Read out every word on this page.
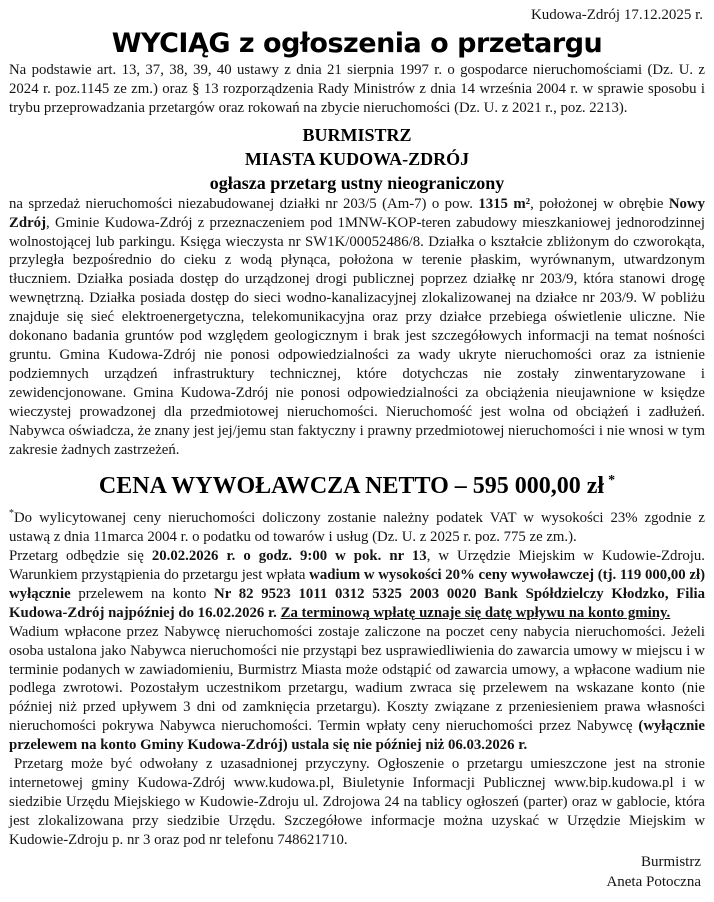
Kudowa-Zdrój 17.12.2025 r.
WYCIĄG z ogłoszenia o przetargu

Na podstawie art. 13, 37, 38, 39, 40 ustawy z dnia 21 sierpnia 1997 r. o gospodarce nieruchomościami (Dz. U. z 2024 r. poz.1145 ze zm.) oraz § 13 rozporządzenia Rady Ministrów z dnia 14 września 2004 r. w sprawie sposobu i trybu przeprowadzania przetargów oraz rokowań na zbycie nieruchomości (Dz. U. z 2021 r., poz. 2213).

BURMISTRZ
MIASTA KUDOWA-ZDRÓJ
ogłasza przetarg ustny nieograniczony

na sprzedaż nieruchomości niezabudowanej działki nr 203/5 (Am-7) o pow. 1315 m², położonej w obrębie Nowy Zdrój, Gminie Kudowa-Zdrój z przeznaczeniem pod 1MNW-KOP-teren zabudowy mieszkaniowej jednorodzinnej wolnostojącej lub parkingu. Księga wieczysta nr SW1K/00052486/8. Działka o kształcie zbliżonym do czworokąta, przyległa bezpośrednio do cieku z wodą płynąca, położona w terenie płaskim, wyrównanym, utwardzonym tłuczniem. Działka posiada dostęp do urządzonej drogi publicznej poprzez działkę nr 203/9, która stanowi drogę wewnętrzną. Działka posiada dostęp do sieci wodno-kanalizacyjnej zlokalizowanej na działce nr 203/9. W pobliżu znajduje się sieć elektroenergetyczna, telekomunikacyjna oraz przy działce przebiega oświetlenie uliczne. Nie dokonano badania gruntów pod względem geologicznym i brak jest szczegółowych informacji na temat nośności gruntu. Gmina Kudowa-Zdrój nie ponosi odpowiedzialności za wady ukryte nieruchomości oraz za istnienie podziemnych urządzeń infrastruktury technicznej, które dotychczas nie zostały zinwentaryzowane i zewidencjonowane. Gmina Kudowa-Zdrój nie ponosi odpowiedzialności za obciążenia nieujawnione w księdze wieczystej prowadzonej dla przedmiotowej nieruchomości. Nieruchomość jest wolna od obciążeń i zadłużeń. Nabywca oświadcza, że znany jest jej/jemu stan faktyczny i prawny przedmiotowej nieruchomości i nie wnosi w tym zakresie żadnych zastrzeżeń.

CENA WYWOŁAWCZA NETTO – 595 000,00 zł *

*Do wylicytowanej ceny nieruchomości doliczony zostanie należny podatek VAT w wysokości 23% zgodnie z ustawą z dnia 11marca 2004 r. o podatku od towarów i usług (Dz. U. z 2025 r. poz. 775 ze zm.).

Przetarg odbędzie się 20.02.2026 r. o godz. 9:00 w pok. nr 13, w Urzędzie Miejskim w Kudowie-Zdroju. Warunkiem przystąpienia do przetargu jest wpłata wadium w wysokości 20% ceny wywoławczej (tj. 119 000,00 zł) wyłącznie przelewem na konto Nr 82 9523 1011 0312 5325 2003 0020 Bank Spółdzielczy Kłodzko, Filia Kudowa-Zdrój najpóźniej do 16.02.2026 r. Za terminową wpłatę uznaje się datę wpływu na konto gminy.

Wadium wpłacone przez Nabywcę nieruchomości zostaje zaliczone na poczet ceny nabycia nieruchomości. Jeżeli osoba ustalona jako Nabywca nieruchomości nie przystąpi bez usprawiedliwienia do zawarcia umowy w miejscu i w terminie podanych w zawiadomieniu, Burmistrz Miasta może odstąpić od zawarcia umowy, a wpłacone wadium nie podlega zwrotowi. Pozostałym uczestnikom przetargu, wadium zwraca się przelewem na wskazane konto (nie później niż przed upływem 3 dni od zamknięcia przetargu). Koszty związane z przeniesieniem prawa własności nieruchomości pokrywa Nabywca nieruchomości. Termin wpłaty ceny nieruchomości przez Nabywcę (wyłącznie przelewem na konto Gminy Kudowa-Zdrój) ustala się nie później niż 06.03.2026 r.

Przetarg może być odwołany z uzasadnionej przyczyny. Ogłoszenie o przetargu umieszczone jest na stronie internetowej gminy Kudowa-Zdrój www.kudowa.pl, Biuletynie Informacji Publicznej www.bip.kudowa.pl i w siedzibie Urzędu Miejskiego w Kudowie-Zdroju ul. Zdrojowa 24 na tablicy ogłoszeń (parter) oraz w gablocie, która jest zlokalizowana przy siedzibie Urzędu. Szczegółowe informacje można uzyskać w Urzędzie Miejskim w Kudowie-Zdroju p. nr 3 oraz pod nr telefonu 748621710.

Burmistrz
Aneta Potoczna
